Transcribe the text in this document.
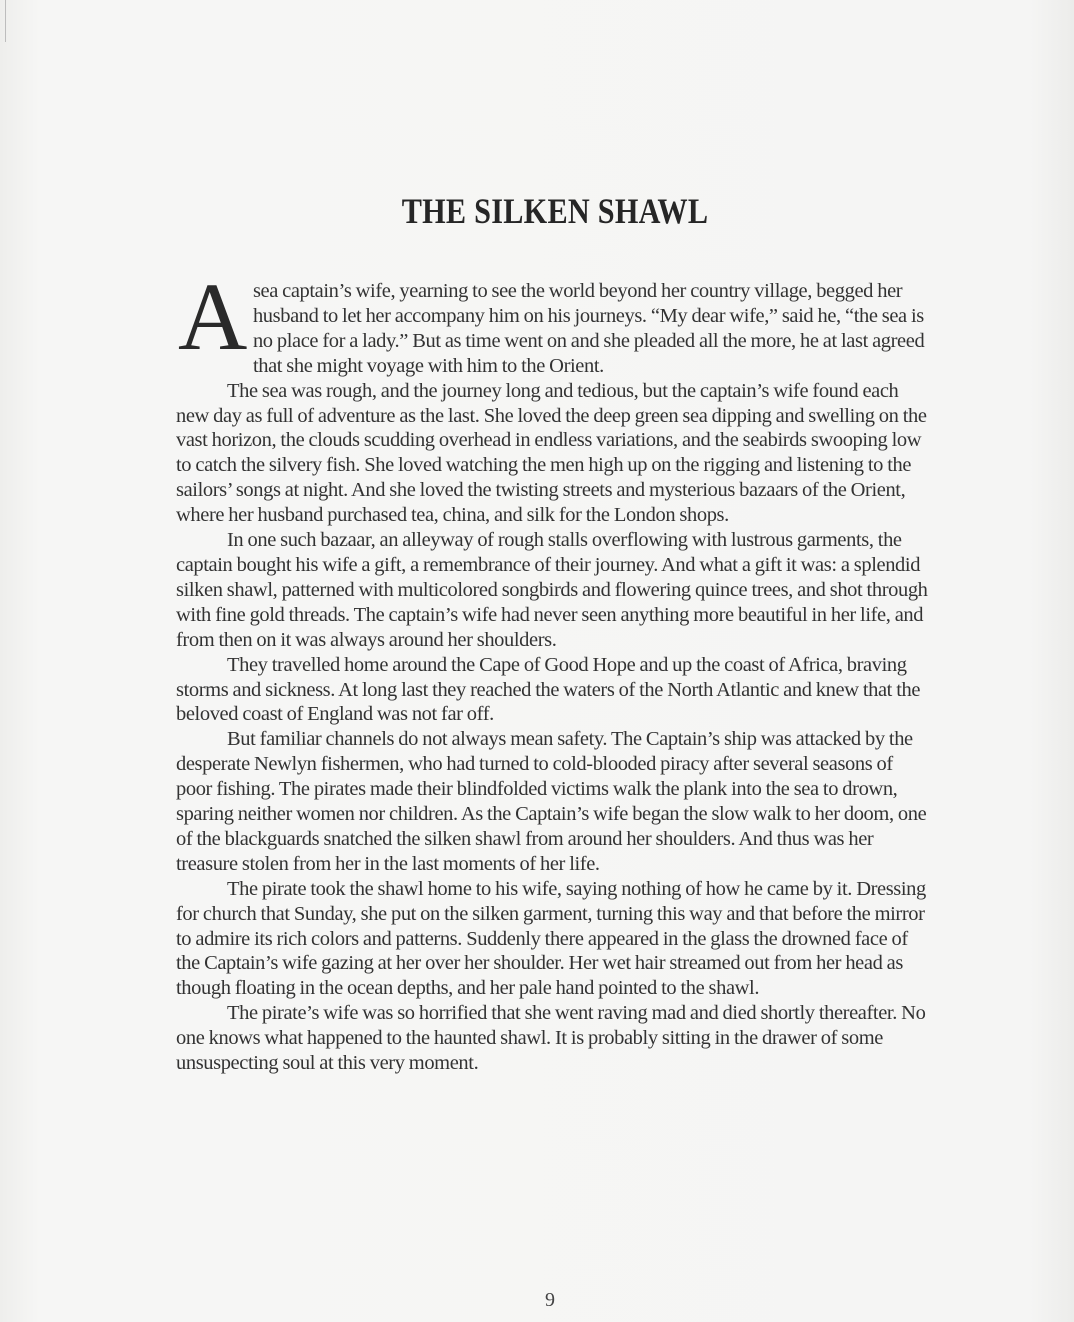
THE SILKEN SHAWL

A sea captain’s wife, yearning to see the world beyond her country village, begged her husband to let her accompany him on his journeys. “My dear wife,” said he, “the sea is no place for a lady.” But as time went on and she pleaded all the more, he at last agreed that she might voyage with him to the Orient.

The sea was rough, and the journey long and tedious, but the captain’s wife found each new day as full of adventure as the last. She loved the deep green sea dipping and swelling on the vast horizon, the clouds scudding overhead in endless variations, and the seabirds swooping low to catch the silvery fish. She loved watching the men high up on the rigging and listening to the sailors’ songs at night. And she loved the twisting streets and mysterious bazaars of the Orient, where her husband purchased tea, china, and silk for the London shops.

In one such bazaar, an alleyway of rough stalls overflowing with lustrous garments, the captain bought his wife a gift, a remembrance of their journey. And what a gift it was: a splendid silken shawl, patterned with multicolored songbirds and flowering quince trees, and shot through with fine gold threads. The captain’s wife had never seen anything more beautiful in her life, and from then on it was always around her shoulders.

They travelled home around the Cape of Good Hope and up the coast of Africa, braving storms and sickness. At long last they reached the waters of the North Atlantic and knew that the beloved coast of England was not far off.

But familiar channels do not always mean safety. The Captain’s ship was attacked by the desperate Newlyn fishermen, who had turned to cold-blooded piracy after several seasons of poor fishing. The pirates made their blindfolded victims walk the plank into the sea to drown, sparing neither women nor children. As the Captain’s wife began the slow walk to her doom, one of the blackguards snatched the silken shawl from around her shoulders. And thus was her treasure stolen from her in the last moments of her life.

The pirate took the shawl home to his wife, saying nothing of how he came by it. Dressing for church that Sunday, she put on the silken garment, turning this way and that before the mirror to admire its rich colors and patterns. Suddenly there appeared in the glass the drowned face of the Captain’s wife gazing at her over her shoulder. Her wet hair streamed out from her head as though floating in the ocean depths, and her pale hand pointed to the shawl.

The pirate’s wife was so horrified that she went raving mad and died shortly thereafter. No one knows what happened to the haunted shawl. It is probably sitting in the drawer of some unsuspecting soul at this very moment.

9
